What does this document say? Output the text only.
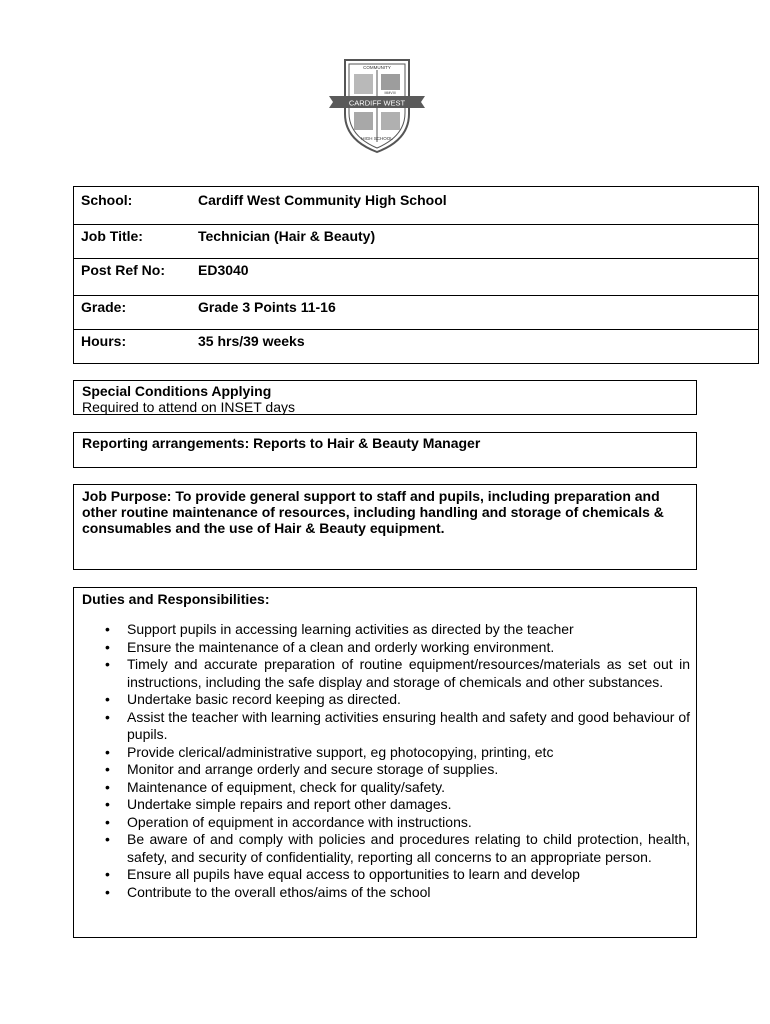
CARDIFF WEST
COMMUNITY
MMVIII
HIGH SCHOOL
School:	Cardiff West Community High School
Job Title:	Technician (Hair & Beauty)
Post Ref No:	ED3040
Grade:	Grade 3 Points 11-16
Hours:	35 hrs/39 weeks
Special Conditions Applying
Required to attend on INSET days
Reporting arrangements: Reports to Hair & Beauty Manager
Job Purpose: To provide general support to staff and pupils, including preparation and other routine maintenance of resources, including handling and storage of chemicals & consumables and the use of Hair & Beauty equipment.
Duties and Responsibilities:
• Support pupils in accessing learning activities as directed by the teacher
• Ensure the maintenance of a clean and orderly working environment.
• Timely and accurate preparation of routine equipment/resources/materials as set out in instructions, including the safe display and storage of chemicals and other substances.
• Undertake basic record keeping as directed.
• Assist the teacher with learning activities ensuring health and safety and good behaviour of pupils.
• Provide clerical/administrative support, eg photocopying, printing, etc
• Monitor and arrange orderly and secure storage of supplies.
• Maintenance of equipment, check for quality/safety.
• Undertake simple repairs and report other damages.
• Operation of equipment in accordance with instructions.
• Be aware of and comply with policies and procedures relating to child protection, health, safety, and security of confidentiality, reporting all concerns to an appropriate person.
• Ensure all pupils have equal access to opportunities to learn and develop
• Contribute to the overall ethos/aims of the school
